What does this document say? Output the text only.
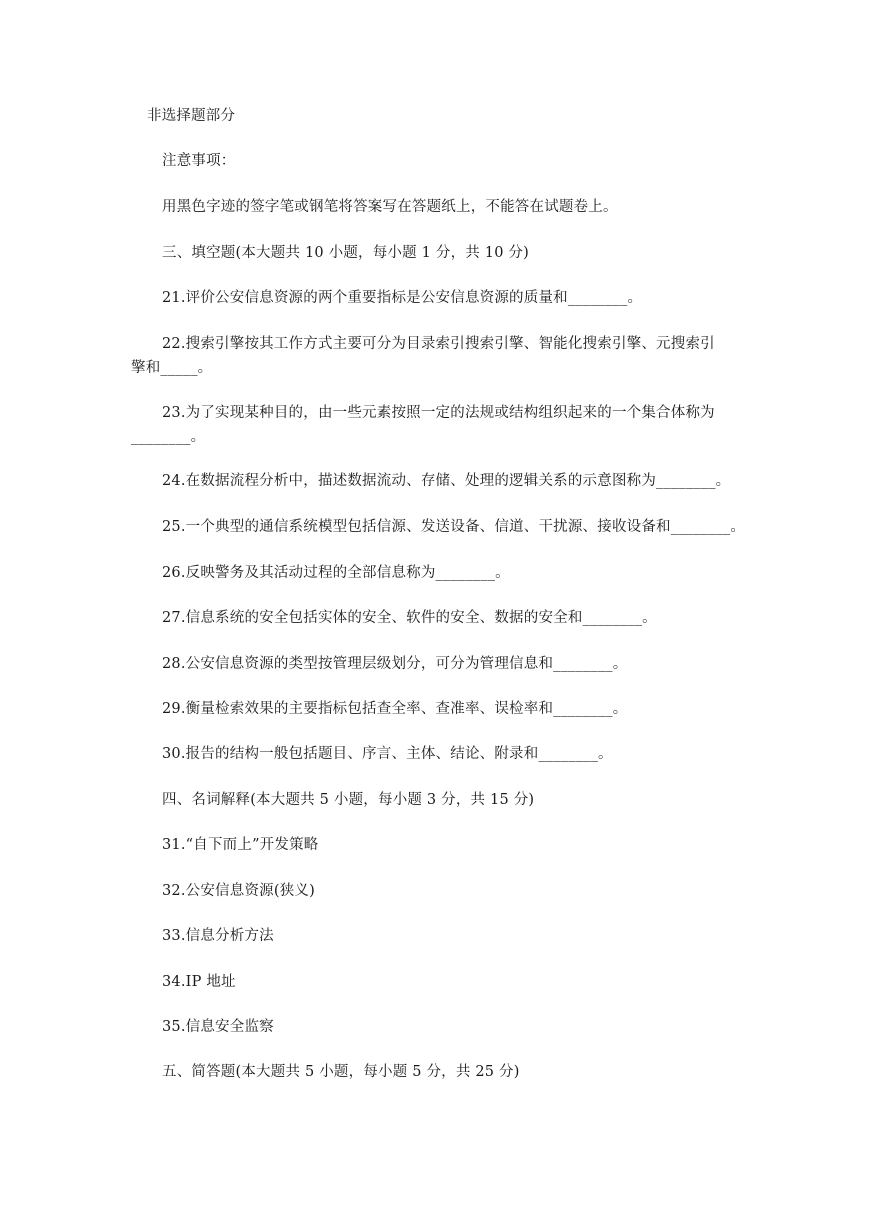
非选择题部分
注意事项：
用黑色字迹的签字笔或钢笔将答案写在答题纸上，不能答在试题卷上。
三、填空题(本大题共 10 小题，每小题 1 分，共 10 分)
21.评价公安信息资源的两个重要指标是公安信息资源的质量和________。
22.搜索引擎按其工作方式主要可分为目录索引搜索引擎、智能化搜索引擎、元搜索引
擎和_____。
23.为了实现某种目的，由一些元素按照一定的法规或结构组织起来的一个集合体称为
________。
24.在数据流程分析中，描述数据流动、存储、处理的逻辑关系的示意图称为________。
25.一个典型的通信系统模型包括信源、发送设备、信道、干扰源、接收设备和________。
26.反映警务及其活动过程的全部信息称为________。
27.信息系统的安全包括实体的安全、软件的安全、数据的安全和________。
28.公安信息资源的类型按管理层级划分，可分为管理信息和________。
29.衡量检索效果的主要指标包括查全率、查准率、误检率和________。
30.报告的结构一般包括题目、序言、主体、结论、附录和________。
四、名词解释(本大题共 5 小题，每小题 3 分，共 15 分)
31.“自下而上”开发策略
32.公安信息资源(狭义)
33.信息分析方法
34.IP 地址
35.信息安全监察
五、简答题(本大题共 5 小题，每小题 5 分，共 25 分)
